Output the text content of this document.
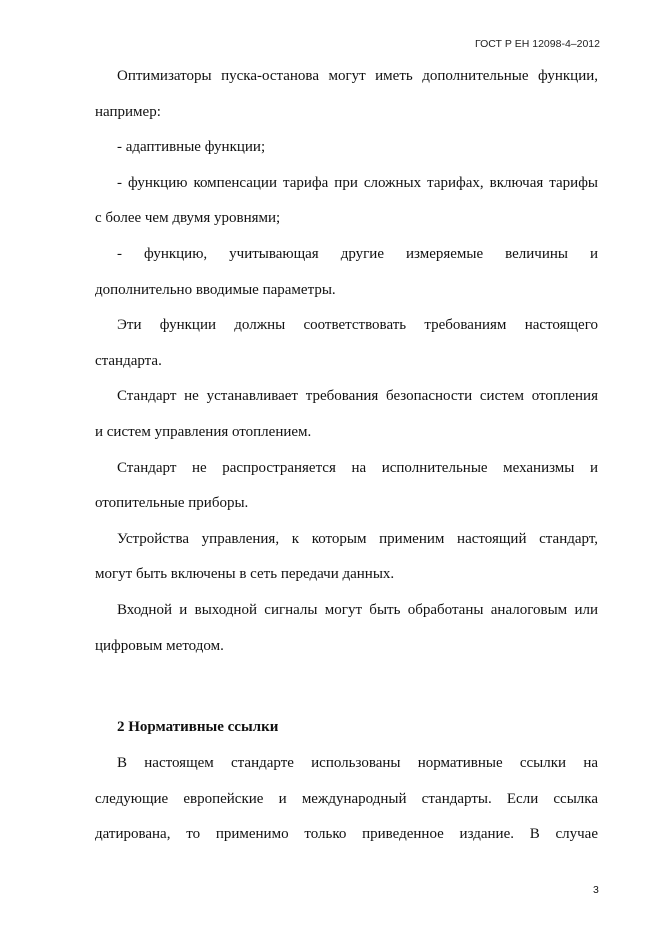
ГОСТ Р ЕН 12098-4–2012
Оптимизаторы пуска-останова могут иметь дополнительные функции,
например:
- адаптивные функции;
- функцию компенсации тарифа при сложных тарифах, включая тарифы
с более чем двумя уровнями;
- функцию, учитывающая другие измеряемые величины и
дополнительно вводимые параметры.
Эти функции должны соответствовать требованиям настоящего
стандарта.
Стандарт не устанавливает требования безопасности систем отопления
и систем управления отоплением.
Стандарт не распространяется на исполнительные механизмы и
отопительные приборы.
Устройства управления, к которым применим настоящий стандарт,
могут быть включены в сеть передачи данных.
Входной и выходной сигналы могут быть обработаны аналоговым или
цифровым методом.
2 Нормативные ссылки
В настоящем стандарте использованы нормативные ссылки на
следующие европейские и международный стандарты. Если ссылка
датирована, то применимо только приведенное издание. В случае
3
